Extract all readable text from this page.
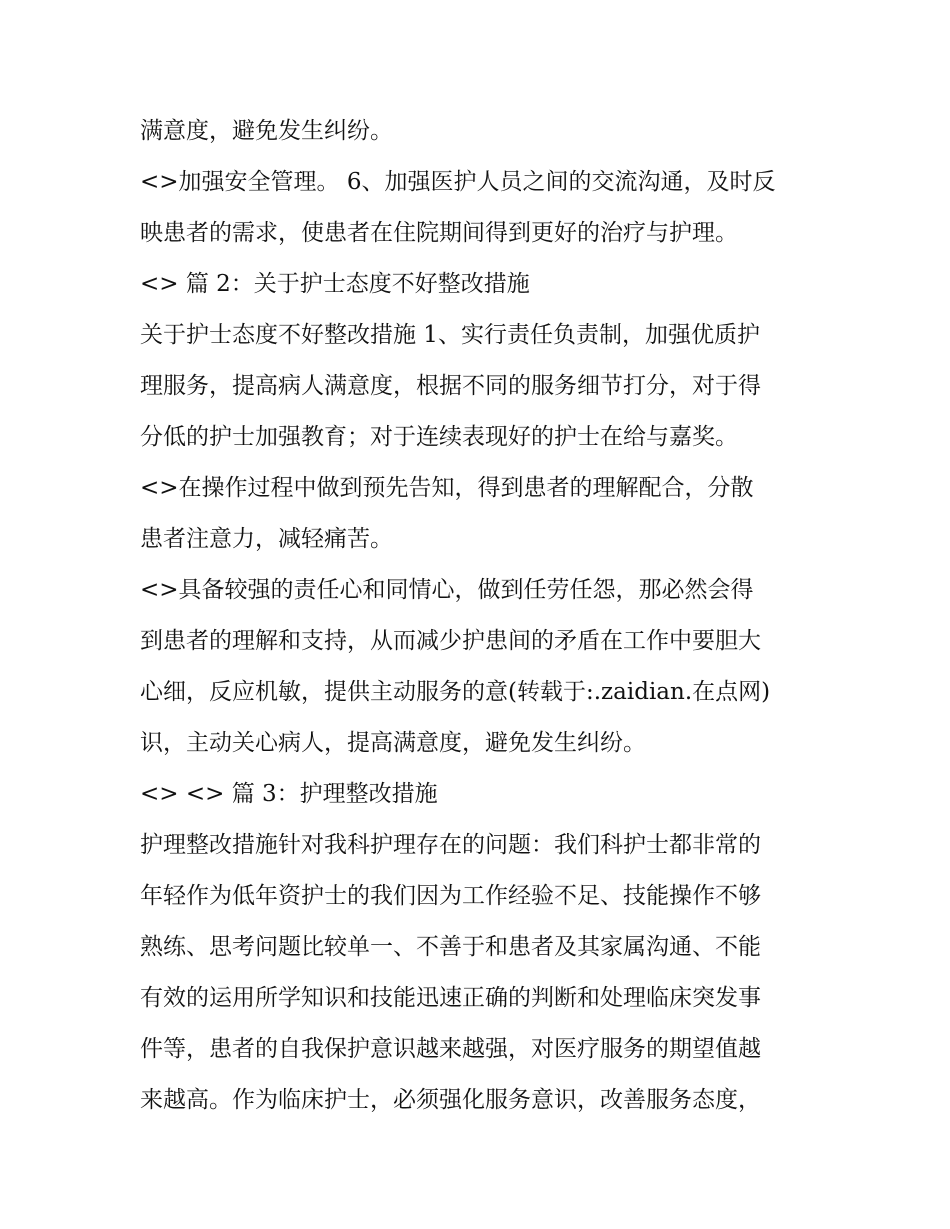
满意度，避免发生纠纷。
<>加强安全管理。 6、加强医护人员之间的交流沟通，及时反
映患者的需求，使患者在住院期间得到更好的治疗与护理。
<> 篇 2：关于护士态度不好整改措施
关于护士态度不好整改措施 1、实行责任负责制，加强优质护
理服务，提高病人满意度，根据不同的服务细节打分，对于得
分低的护士加强教育；对于连续表现好的护士在给与嘉奖。
<>在操作过程中做到预先告知，得到患者的理解配合，分散
患者注意力，减轻痛苦。
<>具备较强的责任心和同情心，做到任劳任怨，那必然会得
到患者的理解和支持，从而减少护患间的矛盾在工作中要胆大
心细，反应机敏，提供主动服务的意(转载于:.zaidian.在点网)
识，主动关心病人，提高满意度，避免发生纠纷。
<> <> 篇 3：护理整改措施
护理整改措施针对我科护理存在的问题：我们科护士都非常的
年轻作为低年资护士的我们因为工作经验不足、技能操作不够
熟练、思考问题比较单一、不善于和患者及其家属沟通、不能
有效的运用所学知识和技能迅速正确的判断和处理临床突发事
件等，患者的自我保护意识越来越强，对医疗服务的期望值越
来越高。作为临床护士，必须强化服务意识，改善服务态度，
